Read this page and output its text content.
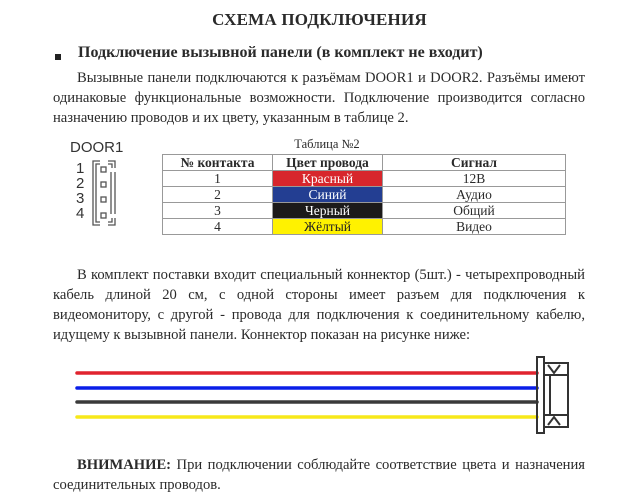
СХЕМА ПОДКЛЮЧЕНИЯ
Подключение вызывной панели (в комплект не входит)

Вызывные панели подключаются к разъёмам DOOR1 и DOOR2. Разъёмы имеют одинаковые функциональные возможности. Подключение производится согласно назначению проводов и их цвету, указанным в таблице 2.

DOOR1
1
2
3
4
Таблица №2
№ контакта	Цвет провода	Сигнал
1	Красный	12В
2	Синий	Аудио
3	Черный	Общий
4	Жёлтый	Видео

В комплект поставки входит специальный коннектор (5шт.) - четырехпроводный кабель длиной 20 см, с одной стороны имеет разъем для подключения к видеомонитору, с другой - провода для подключения к соединительному кабелю, идущему к вызывной панели. Коннектор показан на рисунке ниже:

ВНИМАНИЕ: При подключении соблюдайте соответствие цвета и назначения соединительных проводов.
